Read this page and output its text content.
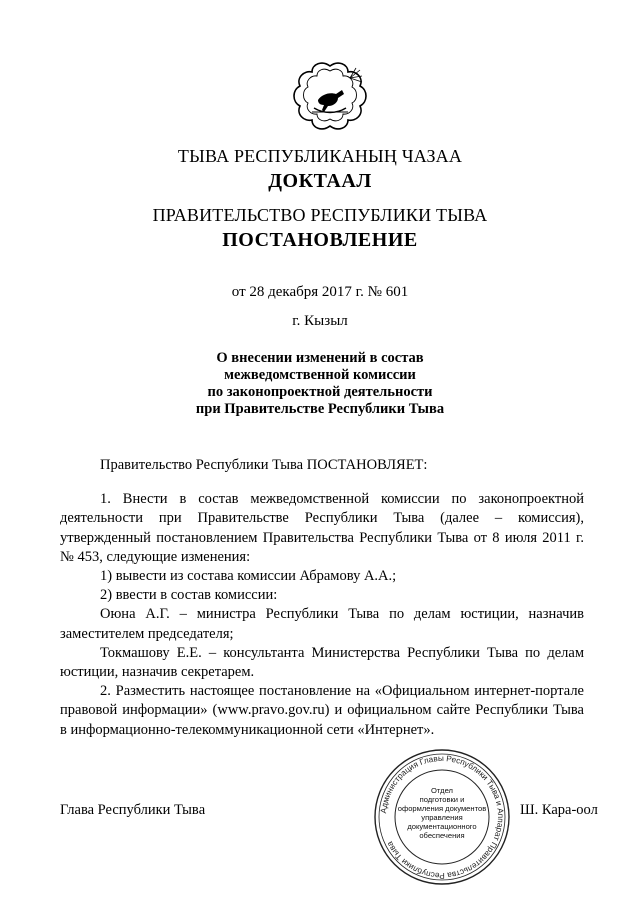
ТЫВА РЕСПУБЛИКАНЫҢ ЧАЗАА
ДОКТААЛ
ПРАВИТЕЛЬСТВО РЕСПУБЛИКИ ТЫВА
ПОСТАНОВЛЕНИЕ
от 28 декабря 2017 г. № 601
г. Кызыл
О внесении изменений в состав
межведомственной комиссии
по законопроектной деятельности
при Правительстве Республики Тыва

Правительство Республики Тыва ПОСТАНОВЛЯЕТ:

1. Внести в состав межведомственной комиссии по законопроектной деятельности при Правительстве Республики Тыва (далее – комиссия), утвержденный постановлением Правительства Республики Тыва от 8 июля 2011 г. № 453, следующие изменения:

1) вывести из состава комиссии Абрамову А.А.;

2) ввести в состав комиссии:

Оюна А.Г. – министра Республики Тыва по делам юстиции, назначив заместителем председателя;

Токмашову Е.Е. – консультанта Министерства Республики Тыва по делам юстиции, назначив секретарем.

2. Разместить настоящее постановление на «Официальном интернет-портале правовой информации» (www.pravo.gov.ru) и официальном сайте Республики Тыва в информационно-телекоммуникационной сети «Интернет».

Администрация Главы Республики Тыва и Аппарат Правительства Республики Тыва
Отдел
подготовки и
оформления документов
управления
документационного
обеспечения
Глава Республики Тывa	Ш. Кара-оол
